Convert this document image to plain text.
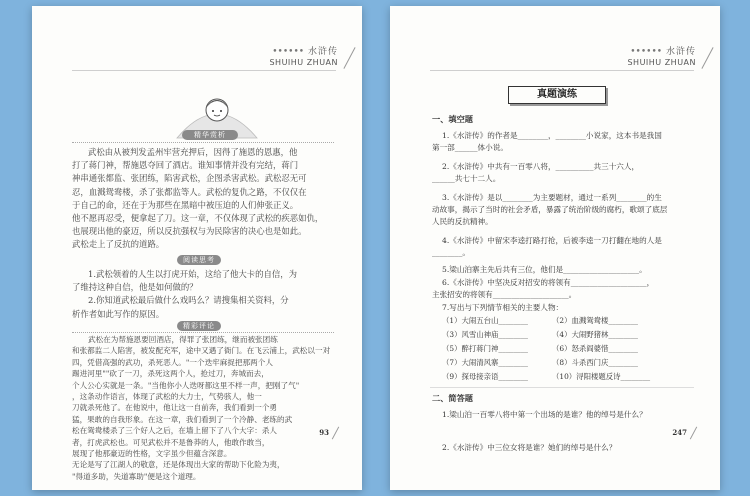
•••••• 水浒传
SHUIHU ZHUAN
精华赏析
武松由从被判发孟州牢营充押后，因得了施恩的恩惠，他
打了蒋门神，帮施恩夺回了酒店。谁知事情并没有完结，蒋门
神串通张都监、张团练，陷害武松，企图杀害武松。武松忍无可
忍，血溅鸳鸯楼，杀了张都监等人。武松的复仇之路，不仅仅在
于自己的命，还在于为那些在黑暗中被压迫的人们伸张正义。
他不愿再忍受，便拿起了刀。这一章，不仅体现了武松的疾恶如仇，
也展现出他的豪迈，所以反抗强权与为民除害的决心也是如此。
武松走上了反抗的道路。
阅读思考
1.武松领着的人生以打虎开始，这给了他大卡的自信，为
了维持这种自信，他是如何做的？
2.你知道武松最后做什么戏吗么？请搜集相关资料，分
析作者如此写作的原因。
精彩评论
武松在为帮施恩要回酒店，得罪了张团练，继而被张团练
和张都监二人陷害，被发配充军，途中又遇了衙门。在飞云浦上，武松以一对
四，凭借高强的武功，杀死恶人。"一个迭牢麻捉把那两个人
踢进河里""砍了一刀，杀死这两个人，抢过刀，奔城而去，
个人公心实就是一条。"当他你小人迭呀都这里不样一声，把刚了气"
，这条动作语言，体现了武松的大力士，气势骇人，他一
刀就杀死他了。在他说中，他让这一自前奔，我们看到一个勇
猛，果敢的自我形象。在这一章，我们看到了一个冷静、老练的武
松在鸳鸯楼杀了三个好人之后，在墙上留下了八个大字：杀人
者，打虎武松也。可见武松并不是鲁莽的人，他敢作敢当，
展现了他那豪迈的性格，文字虽少但蕴含深意。
无论是写了江湖人的敬意，还是体现出大家的帮助下化险为夷，
"得道多助，失道寡助"便是这个道理。
93
•••••• 水浒传
SHUIHU ZHUAN
真题演练
一、填空题
1.《水浒传》的作者是________，________小说家，这本书是我国
第一部______体小说。
2.《水浒传》中共有一百零八将，__________共三十六人，
______共七十二人。
3.《水浒传》是以________为主要题材，通过一系列________的生
动故事，揭示了当时的社会矛盾，暴露了统治阶级的腐朽，歌颂了底层
人民的反抗精神。
4.《水浒传》中留宋李逵打路打抢，后被李逵一刀打翻在地的人是
________。
5.梁山泊寨主先后共有三位，他们是____________________。
6.《水浒传》中坚决反对招安的将领有____________________，
主张招安的将领有____________________。
7.写出与下列情节相关的主要人物：
（1）大闹五台山________	（2）血溅鸳鸯楼________
（3）风雪山神庙________	（4）大闹野猪林________
（5）醉打蒋门神________	（6）怒杀阎婆惜________
（7）大闹清风寨________	（8）斗杀西门庆________
（9）探母接亲语________	（10）浔阳楼题反诗________
二、简答题
1.梁山泊一百零八将中第一个出场的是谁？他的绰号是什么？
2.《水浒传》中三位女将是谁？她们的绰号是什么？
247
